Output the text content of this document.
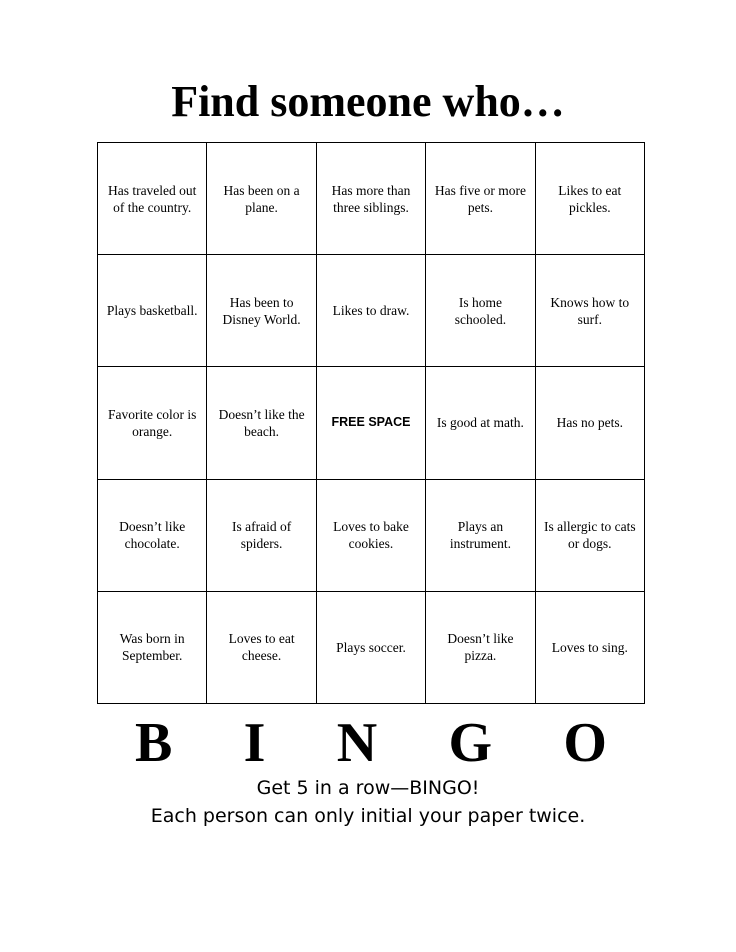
Find someone who…
Has traveled out of the country.
Has been on a plane.
Has more than three siblings.
Has five or more pets.
Likes to eat pickles.
Plays basketball.
Has been to Disney World.
Likes to draw.
Is home schooled.
Knows how to surf.
Favorite color is orange.
Doesn’t like the beach.
FREE SPACE	Is good at math.	Has no pets.
Doesn’t like chocolate.
Is afraid of spiders.
Loves to bake cookies.
Plays an instrument.
Is allergic to cats or dogs.
Was born in September.
Loves to eat cheese.
Plays soccer.
Doesn’t like pizza.
Loves to sing.
B I N G O

Get 5 in a row—BINGO!

Each person can only initial your paper twice.
